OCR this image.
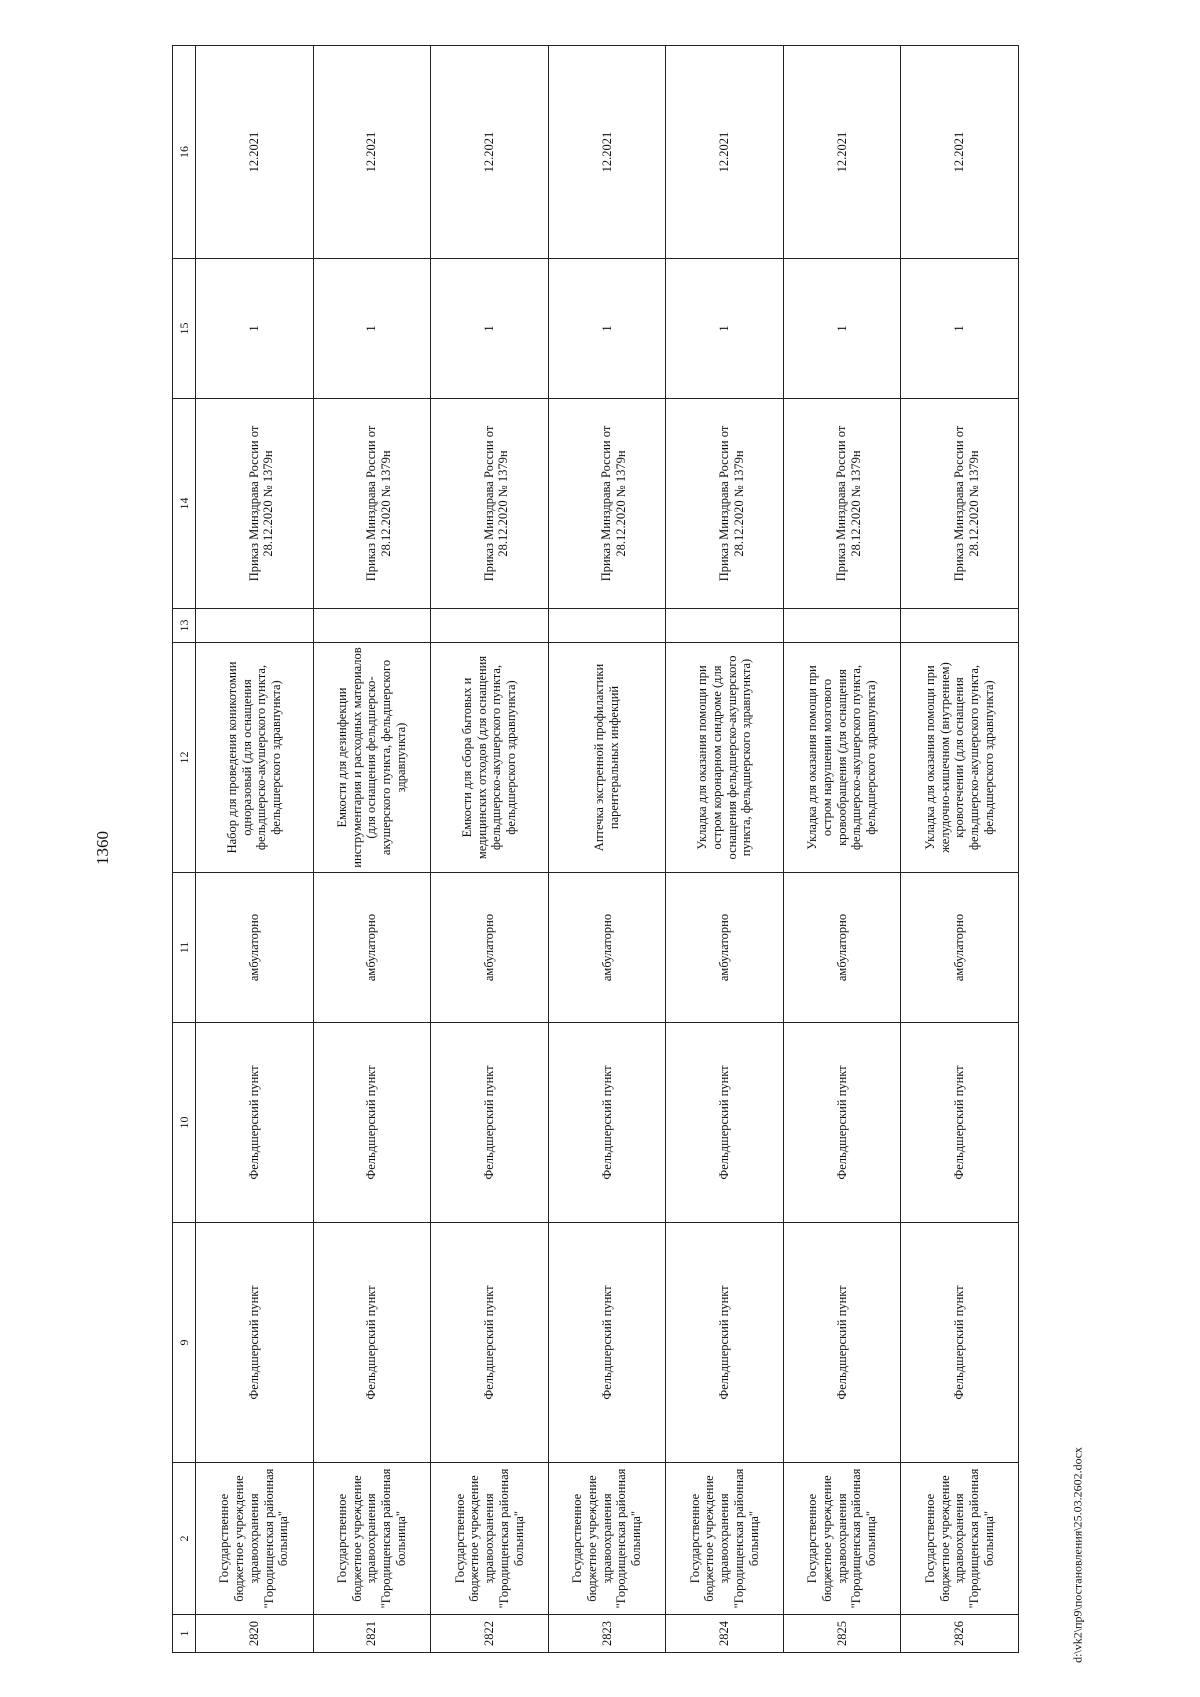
1360
1	2	9	10	11	12	13	14	15	16
2820	Государственное бюджетное учреждение здравоохранения "Городищенская районная больница"	Фельдшерский пункт	Фельдшерский пункт	амбулаторно	Набор для проведения коникотомии одноразовый (для оснащения фельдшерско-акушерского пункта, фельдшерского здравпункта)		Приказ Минздрава России от 28.12.2020 № 1379н	1	12.2021
2821	Государственное бюджетное учреждение здравоохранения "Городищенская районная больница"	Фельдшерский пункт	Фельдшерский пункт	амбулаторно	Емкости для дезинфекции инструментария и расходных материалов (для оснащения фельдшерско-акушерского пункта, фельдшерского здравпункта)		Приказ Минздрава России от 28.12.2020 № 1379н	1	12.2021
2822	Государственное бюджетное учреждение здравоохранения "Городищенская районная больница"	Фельдшерский пункт	Фельдшерский пункт	амбулаторно	Емкости для сбора бытовых и медицинских отходов (для оснащения фельдшерско-акушерского пункта, фельдшерского здравпункта)		Приказ Минздрава России от 28.12.2020 № 1379н	1	12.2021
2823	Государственное бюджетное учреждение здравоохранения "Городищенская районная больница"	Фельдшерский пункт	Фельдшерский пункт	амбулаторно	Аптечка экстренной профилактики парентеральных инфекций		Приказ Минздрава России от 28.12.2020 № 1379н	1	12.2021
2824	Государственное бюджетное учреждение здравоохранения "Городищенская районная больница"	Фельдшерский пункт	Фельдшерский пункт	амбулаторно	Укладка для оказания помощи при остром коронарном синдроме (для оснащения фельдшерско-акушерского пункта, фельдшерского здравпункта)		Приказ Минздрава России от 28.12.2020 № 1379н	1	12.2021
2825	Государственное бюджетное учреждение здравоохранения "Городищенская районная больница"	Фельдшерский пункт	Фельдшерский пункт	амбулаторно	Укладка для оказания помощи при остром нарушении мозгового кровообращения (для оснащения фельдшерско-акушерского пункта, фельдшерского здравпункта)		Приказ Минздрава России от 28.12.2020 № 1379н	1	12.2021
2826	Государственное бюджетное учреждение здравоохранения "Городищенская районная больница"	Фельдшерский пункт	Фельдшерский пункт	амбулаторно	Укладка для оказания помощи при желудочно-кишечном (внутреннем) кровотечении (для оснащения фельдшерско-акушерского пункта, фельдшерского здравпункта)		Приказ Минздрава России от 28.12.2020 № 1379н	1	12.2021
d:\vk2\пр9\постановления\25.03.2602.docx
